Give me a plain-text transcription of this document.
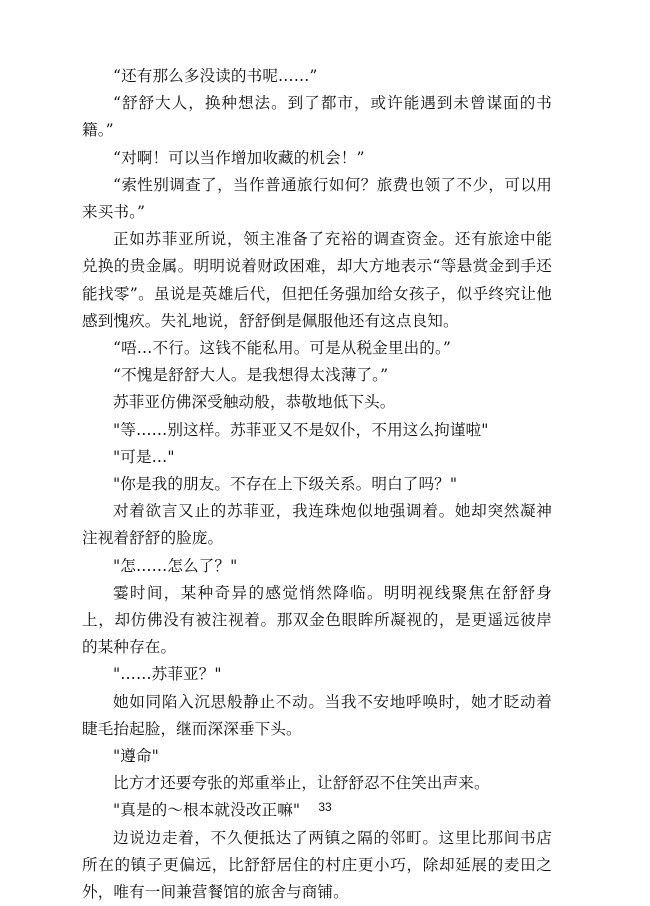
“还有那么多没读的书呢……”

“舒舒大人，换种想法。到了都市，或许能遇到未曾谋面的书籍。”

“对啊！可以当作增加收藏的机会！”

“索性别调查了，当作普通旅行如何？旅费也领了不少，可以用来买书。”

正如苏菲亚所说，领主准备了充裕的调查资金。还有旅途中能兑换的贵金属。明明说着财政困难，却大方地表示“等悬赏金到手还能找零”。虽说是英雄后代，但把任务强加给女孩子，似乎终究让他感到愧疚。失礼地说，舒舒倒是佩服他还有这点良知。

“唔…不行。这钱不能私用。可是从税金里出的。”

“不愧是舒舒大人。是我想得太浅薄了。”

苏菲亚仿佛深受触动般，恭敬地低下头。

"等……别这样。苏菲亚又不是奴仆，不用这么拘谨啦"

"可是…"

"你是我的朋友。不存在上下级关系。明白了吗？"

对着欲言又止的苏菲亚，我连珠炮似地强调着。她却突然凝神注视着舒舒的脸庞。

"怎……怎么了？"

霎时间，某种奇异的感觉悄然降临。明明视线聚焦在舒舒身上，却仿佛没有被注视着。那双金色眼眸所凝视的，是更遥远彼岸的某种存在。

"……苏菲亚？"

她如同陷入沉思般静止不动。当我不安地呼唤时，她才眨动着睫毛抬起脸，继而深深垂下头。

"遵命"

比方才还要夸张的郑重举止，让舒舒忍不住笑出声来。

"真是的～根本就没改正嘛"

边说边走着，不久便抵达了两镇之隔的邻町。这里比那间书店所在的镇子更偏远，比舒舒居住的村庄更小巧，除却延展的麦田之外，唯有一间兼营餐馆的旅舍与商铺。

33
